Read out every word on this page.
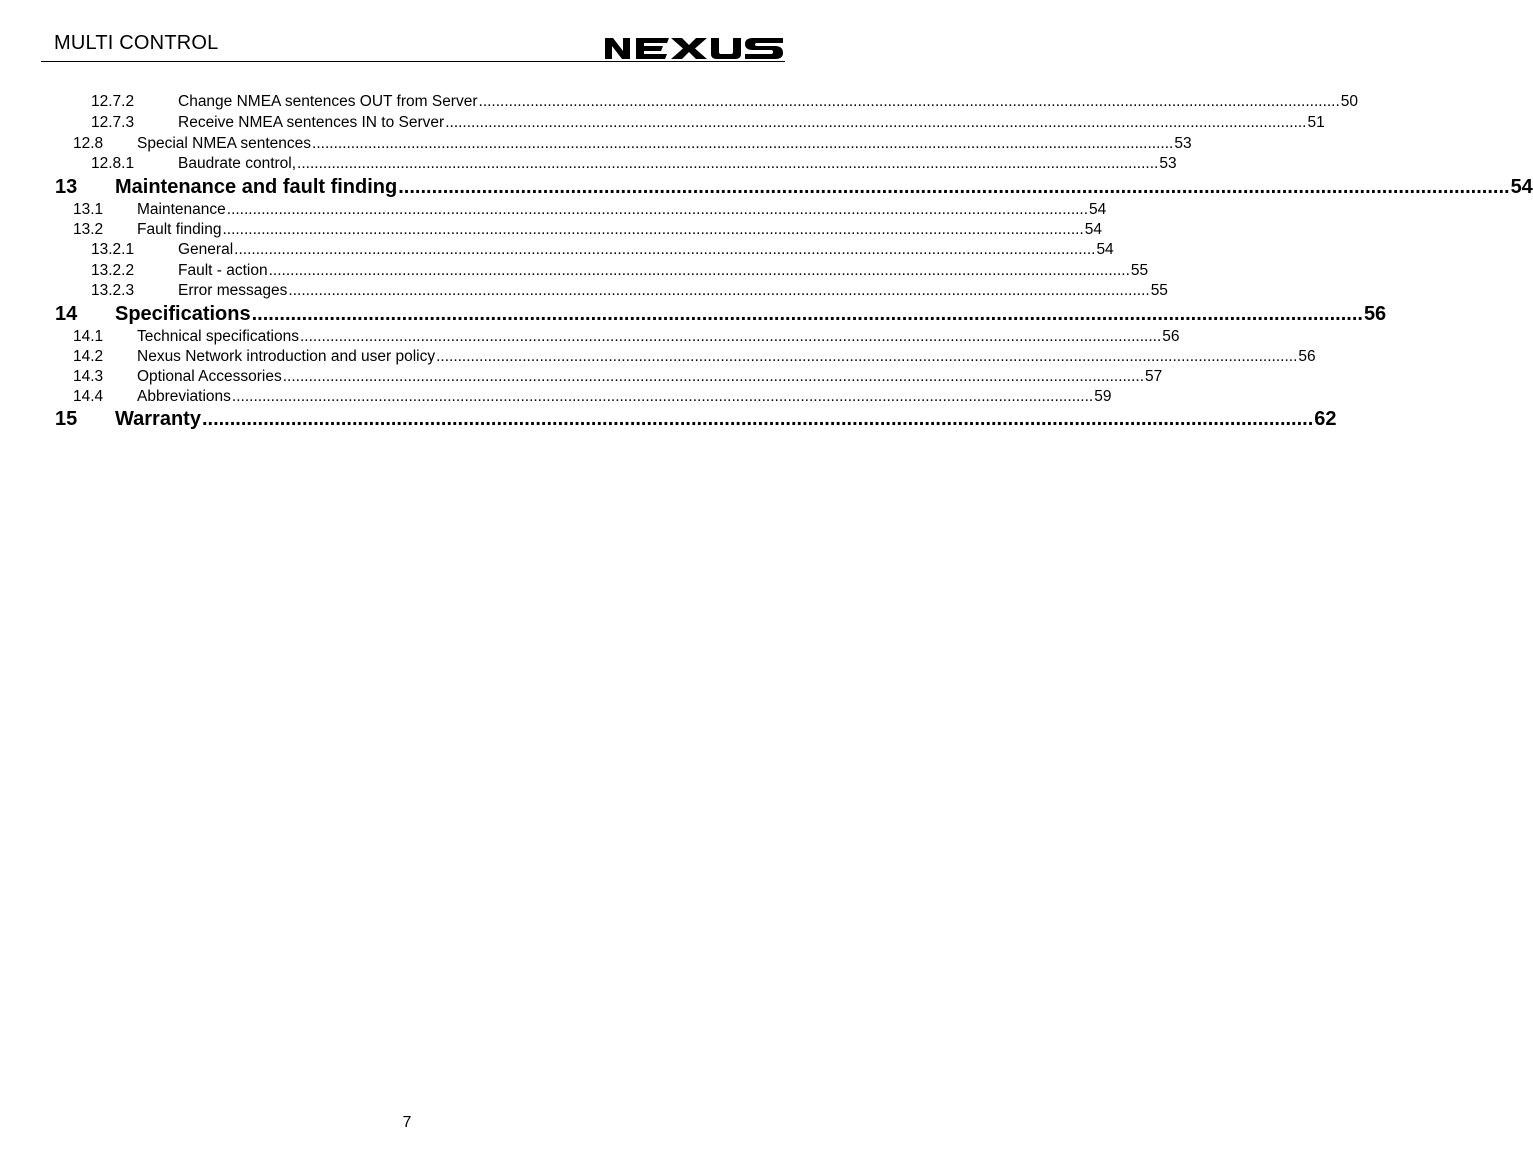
MULTI CONTROL
12.7.2	Change NMEA sentences OUT from Server ........................................................................................................................................................................................................ 50
12.7.3	Receive NMEA sentences IN to Server ........................................................................................................................................................................................................ 51
12.8 Special NMEA sentences ........................................................................................................................................................................................................ 53
12.8.1	Baudrate control, ........................................................................................................................................................................................................ 53
13 Maintenance and fault finding ........................................................................................................................................................................................................ 54
13.1 Maintenance ........................................................................................................................................................................................................ 54
13.2 Fault finding ........................................................................................................................................................................................................ 54
13.2.1	General ........................................................................................................................................................................................................ 54
13.2.2	Fault - action ........................................................................................................................................................................................................ 55
13.2.3	Error messages ........................................................................................................................................................................................................ 55
14 Specifications ........................................................................................................................................................................................................ 56
14.1 Technical specifications ........................................................................................................................................................................................................ 56
14.2 Nexus Network introduction and user policy ........................................................................................................................................................................................................ 56
14.3 Optional Accessories ........................................................................................................................................................................................................ 57
14.4 Abbreviations ........................................................................................................................................................................................................ 59
15 Warranty ........................................................................................................................................................................................................ 62
7
